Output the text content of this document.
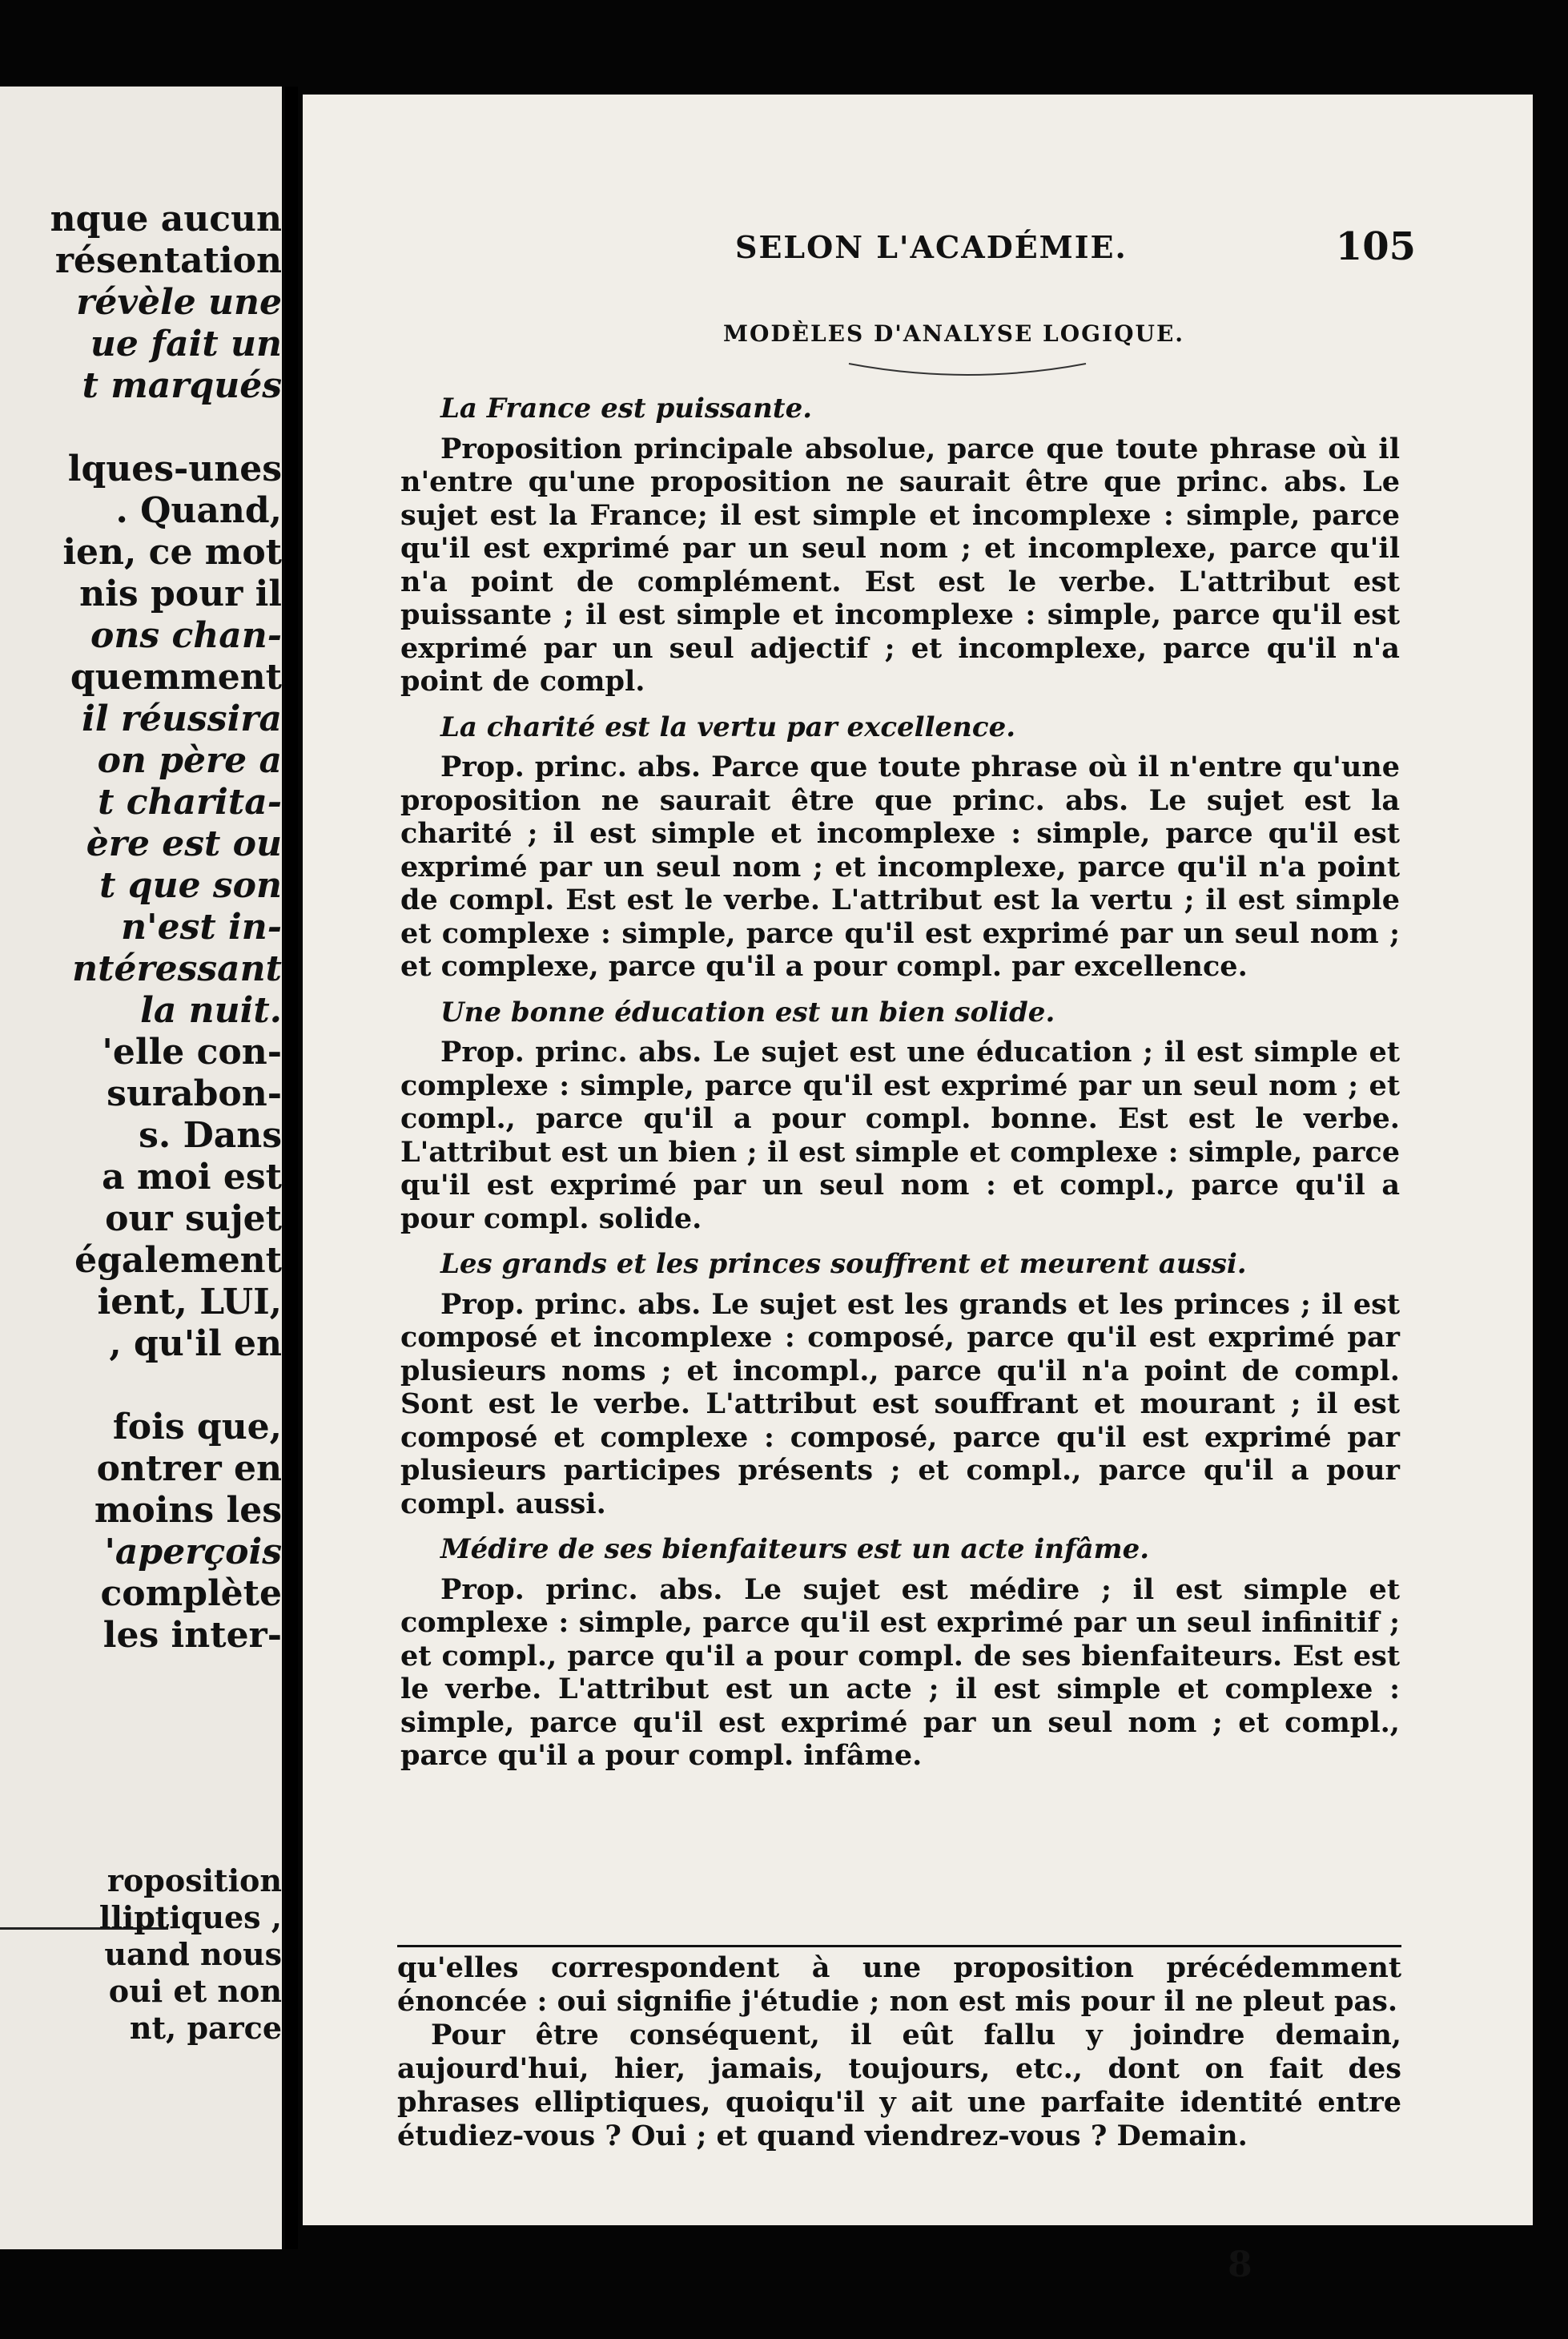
nque aucun
résentation
révèle une
ue fait un
t marqués
lques-unes
. Quand,
ien, ce mot
nis pour il
ons chan-
quemment
il réussira
on père a
t charita-
ère est ou
t que son
n'est in-
ntéressant
la nuit.
'elle con-
surabon-
s. Dans
a moi est
our sujet
également
ient, LUI,
, qu'il en
fois que,
ontrer en
moins les
'aperçois
complète
les inter-
roposition
lliptiques ,
uand nous
oui et non
nt, parce
SELON L'ACADÉMIE.	105
MODÈLES D'ANALYSE LOGIQUE.
La France est puissante.

Proposition principale absolue, parce que toute phrase où il n'entre qu'une proposition ne saurait être que princ. abs. Le sujet est la France; il est simple et incomplexe : simple, parce qu'il est exprimé par un seul nom ; et incomplexe, parce qu'il n'a point de complément. Est est le verbe. L'attribut est puissante ; il est simple et incomplexe : simple, parce qu'il est exprimé par un seul adjectif ; et incomplexe, parce qu'il n'a point de compl.

La charité est la vertu par excellence.

Prop. princ. abs. Parce que toute phrase où il n'entre qu'une proposition ne saurait être que princ. abs. Le sujet est la charité ; il est simple et incomplexe : simple, parce qu'il est exprimé par un seul nom ; et incomplexe, parce qu'il n'a point de compl. Est est le verbe. L'attribut est la vertu ; il est simple et complexe : simple, parce qu'il est exprimé par un seul nom ; et complexe, parce qu'il a pour compl. par excellence.

Une bonne éducation est un bien solide.

Prop. princ. abs. Le sujet est une éducation ; il est simple et complexe : simple, parce qu'il est exprimé par un seul nom ; et compl., parce qu'il a pour compl. bonne. Est est le verbe. L'attribut est un bien ; il est simple et complexe : simple, parce qu'il est exprimé par un seul nom : et compl., parce qu'il a pour compl. solide.

Les grands et les princes souffrent et meurent aussi.

Prop. princ. abs. Le sujet est les grands et les princes ; il est composé et incomplexe : composé, parce qu'il est exprimé par plusieurs noms ; et incompl., parce qu'il n'a point de compl. Sont est le verbe. L'attribut est souffrant et mourant ; il est composé et complexe : composé, parce qu'il est exprimé par plusieurs participes présents ; et compl., parce qu'il a pour compl. aussi.

Médire de ses bienfaiteurs est un acte infâme.

Prop. princ. abs. Le sujet est médire ; il est simple et complexe : simple, parce qu'il est exprimé par un seul infinitif ; et compl., parce qu'il a pour compl. de ses bienfaiteurs. Est est le verbe. L'attribut est un acte ; il est simple et complexe : simple, parce qu'il est exprimé par un seul nom ; et compl., parce qu'il a pour compl. infâme.

qu'elles correspondent à une proposition précédemment énoncée : oui signifie j'étudie ; non est mis pour il ne pleut pas.

Pour être conséquent, il eût fallu y joindre demain, aujourd'hui, hier, jamais, toujours, etc., dont on fait des phrases elliptiques, quoiqu'il y ait une parfaite identité entre étudiez-vous ? Oui ; et quand viendrez-vous ? Demain.

8
